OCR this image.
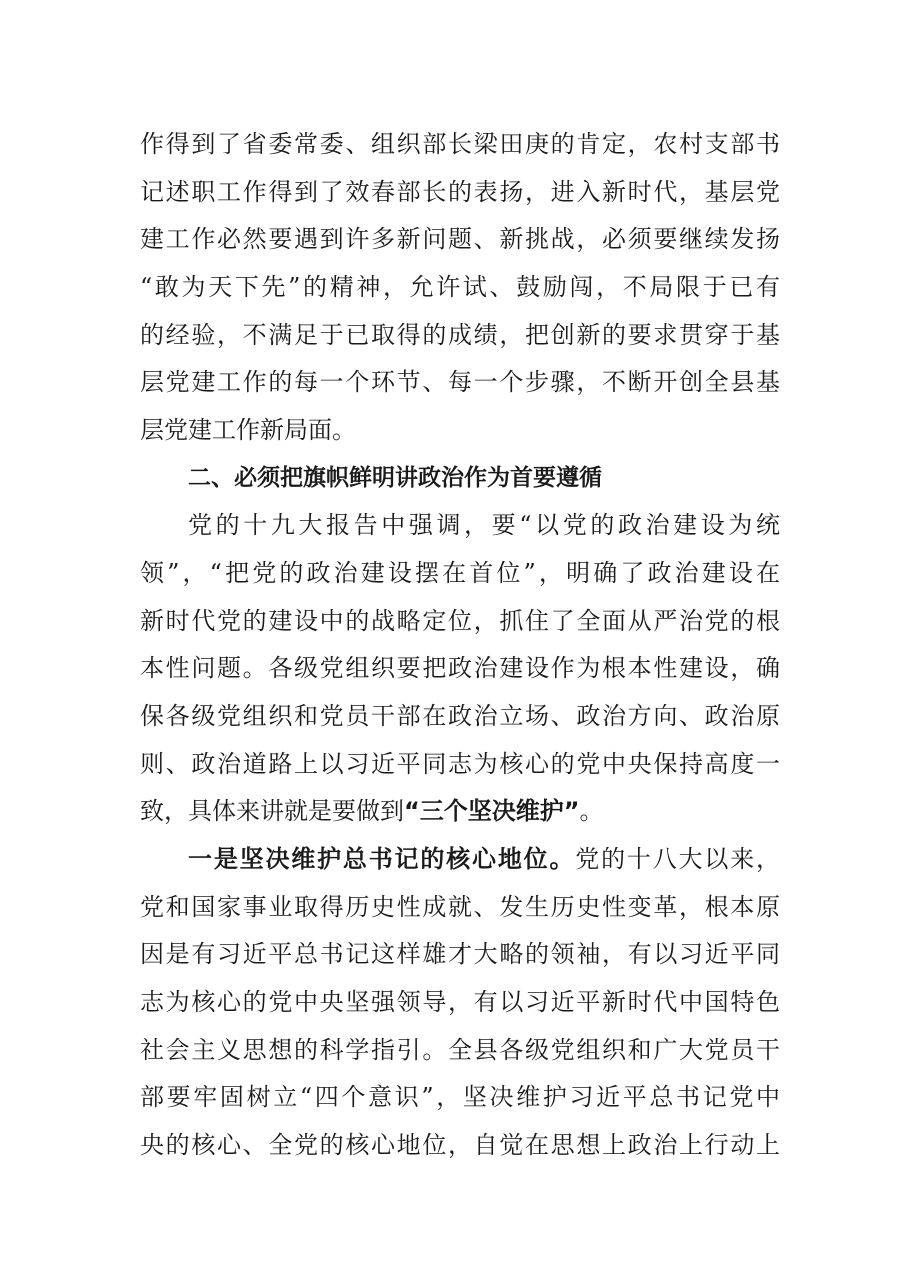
作得到了省委常委、组织部长梁田庚的肯定，农村支部书
记述职工作得到了效春部长的表扬，进入新时代，基层党
建工作必然要遇到许多新问题、新挑战，必须要继续发扬
“敢为天下先”的精神，允许试、鼓励闯，不局限于已有
的经验，不满足于已取得的成绩，把创新的要求贯穿于基
层党建工作的每一个环节、每一个步骤，不断开创全县基
层党建工作新局面。
二、必须把旗帜鲜明讲政治作为首要遵循
党的十九大报告中强调，要“以党的政治建设为统
领”，“把党的政治建设摆在首位”，明确了政治建设在
新时代党的建设中的战略定位，抓住了全面从严治党的根
本性问题。各级党组织要把政治建设作为根本性建设，确
保各级党组织和党员干部在政治立场、政治方向、政治原
则、政治道路上以习近平同志为核心的党中央保持高度一
致，具体来讲就是要做到“三个坚决维护”。
一是坚决维护总书记的核心地位。党的十八大以来，
党和国家事业取得历史性成就、发生历史性变革，根本原
因是有习近平总书记这样雄才大略的领袖，有以习近平同
志为核心的党中央坚强领导，有以习近平新时代中国特色
社会主义思想的科学指引。全县各级党组织和广大党员干
部要牢固树立“四个意识”，坚决维护习近平总书记党中
央的核心、全党的核心地位，自觉在思想上政治上行动上
